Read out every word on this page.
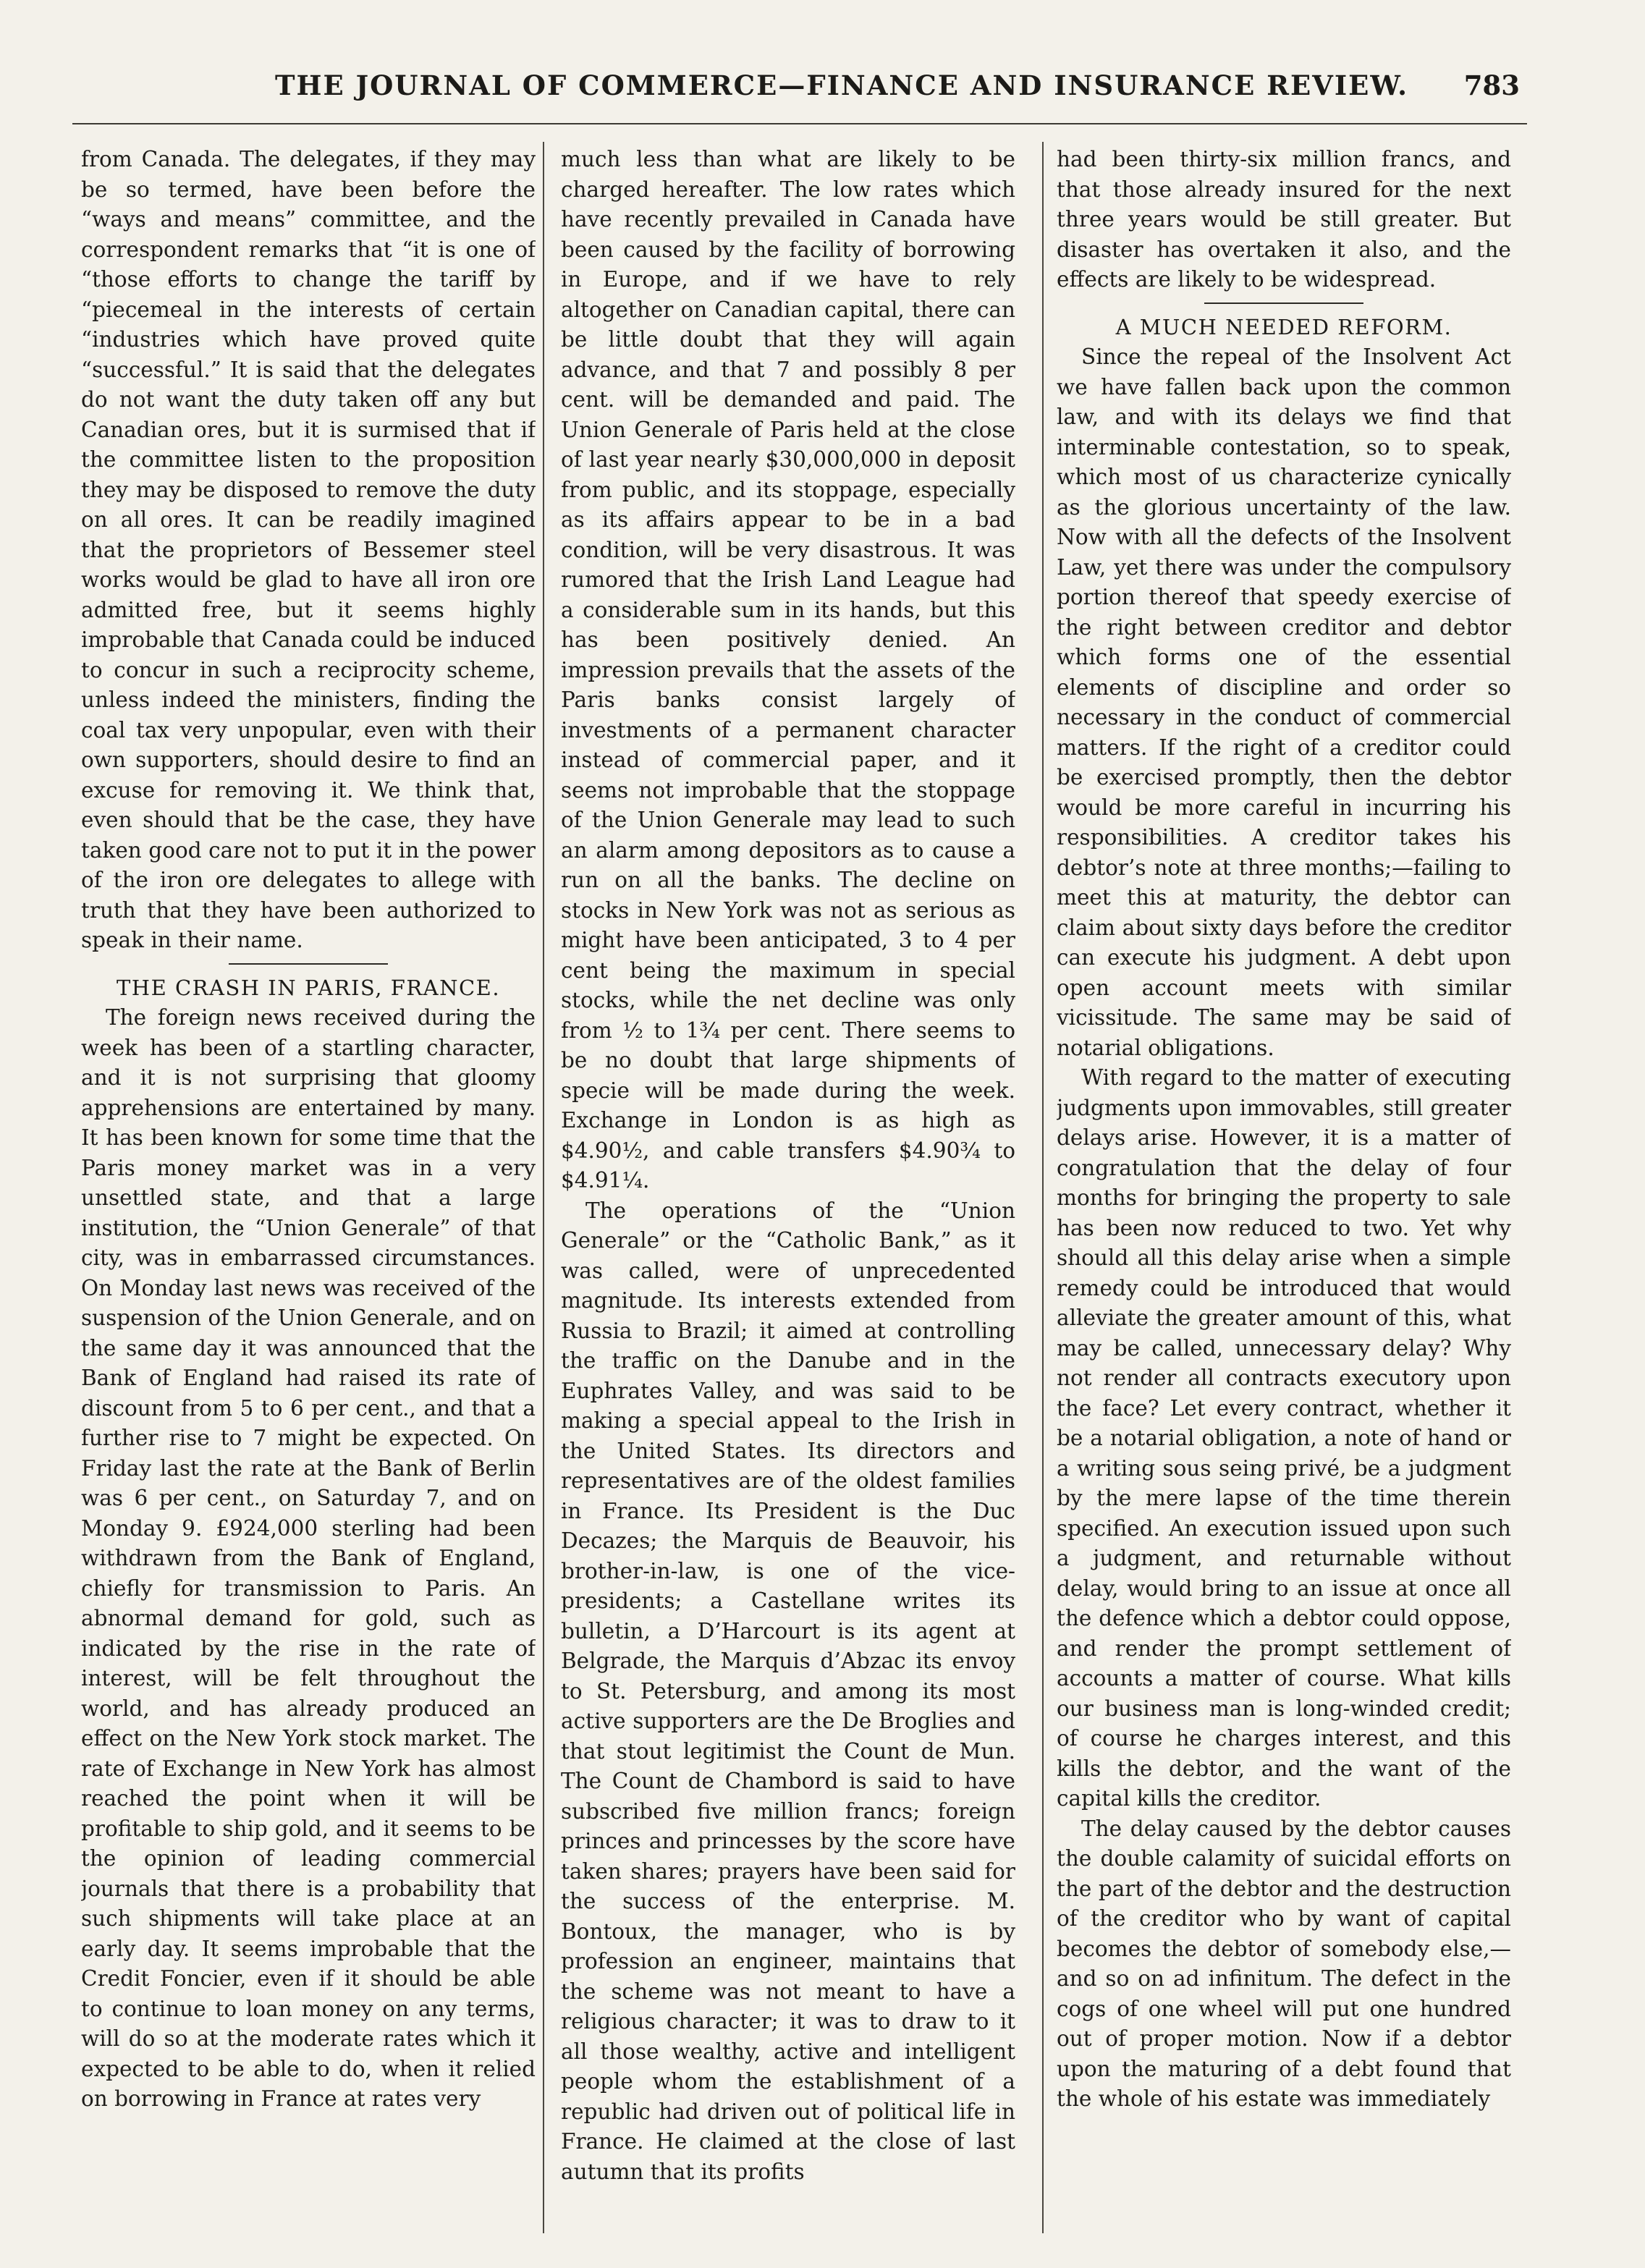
THE JOURNAL OF COMMERCE—FINANCE AND INSURANCE REVIEW.	783

from Canada. The delegates, if they may be so termed, have been before the “ways and means” committee, and the correspondent remarks that “it is one of “those efforts to change the tariff by “piecemeal in the interests of certain “industries which have proved quite “successful.” It is said that the delegates do not want the duty taken off any but Canadian ores, but it is surmised that if the committee listen to the proposition they may be disposed to remove the duty on all ores. It can be readily imagined that the proprietors of Bessemer steel works would be glad to have all iron ore admitted free, but it seems highly improbable that Canada could be induced to concur in such a reciprocity scheme, unless indeed the ministers, finding the coal tax very unpopular, even with their own supporters, should desire to find an excuse for removing it. We think that, even should that be the case, they have taken good care not to put it in the power of the iron ore delegates to allege with truth that they have been authorized to speak in their name.

THE CRASH IN PARIS, FRANCE.

The foreign news received during the week has been of a startling character, and it is not surprising that gloomy apprehensions are entertained by many. It has been known for some time that the Paris money market was in a very unsettled state, and that a large institution, the “Union Generale” of that city, was in embarrassed circumstances. On Monday last news was received of the suspension of the Union Generale, and on the same day it was announced that the Bank of England had raised its rate of discount from 5 to 6 per cent., and that a further rise to 7 might be expected. On Friday last the rate at the Bank of Berlin was 6 per cent., on Saturday 7, and on Monday 9. £924,000 sterling had been withdrawn from the Bank of England, chiefly for transmission to Paris. An abnormal demand for gold, such as indicated by the rise in the rate of interest, will be felt throughout the world, and has already produced an effect on the New York stock market. The rate of Exchange in New York has almost reached the point when it will be profitable to ship gold, and it seems to be the opinion of leading commercial journals that there is a probability that such shipments will take place at an early day. It seems improbable that the Credit Foncier, even if it should be able to continue to loan money on any terms, will do so at the moderate rates which it expected to be able to do, when it relied on borrowing in France at rates very

much less than what are likely to be charged hereafter. The low rates which have recently prevailed in Canada have been caused by the facility of borrowing in Europe, and if we have to rely altogether on Canadian capital, there can be little doubt that they will again advance, and that 7 and possibly 8 per cent. will be demanded and paid. The Union Generale of Paris held at the close of last year nearly $30,000,000 in deposit from public, and its stoppage, especially as its affairs appear to be in a bad condition, will be very disastrous. It was rumored that the Irish Land League had a considerable sum in its hands, but this has been positively denied. An impression prevails that the assets of the Paris banks consist largely of investments of a permanent character instead of commercial paper, and it seems not improbable that the stoppage of the Union Generale may lead to such an alarm among depositors as to cause a run on all the banks. The decline on stocks in New York was not as serious as might have been anticipated, 3 to 4 per cent being the maximum in special stocks, while the net decline was only from ½ to 1¾ per cent. There seems to be no doubt that large shipments of specie will be made during the week. Exchange in London is as high as $4.90½, and cable transfers $4.90¾ to $4.91¼.

The operations of the “Union Generale” or the “Catholic Bank,” as it was called, were of unprecedented magnitude. Its interests extended from Russia to Brazil; it aimed at controlling the traffic on the Danube and in the Euphrates Valley, and was said to be making a special appeal to the Irish in the United States. Its directors and representatives are of the oldest families in France. Its President is the Duc Decazes; the Marquis de Beauvoir, his brother-in-law, is one of the vice-presidents; a Castellane writes its bulletin, a D’Harcourt is its agent at Belgrade, the Marquis d’Abzac its envoy to St. Petersburg, and among its most active supporters are the De Broglies and that stout legitimist the Count de Mun. The Count de Chambord is said to have subscribed five million francs; foreign princes and princesses by the score have taken shares; prayers have been said for the success of the enterprise. M. Bontoux, the manager, who is by profession an engineer, maintains that the scheme was not meant to have a religious character; it was to draw to it all those wealthy, active and intelligent people whom the establishment of a republic had driven out of political life in France. He claimed at the close of last autumn that its profits

had been thirty-six million francs, and that those already insured for the next three years would be still greater. But disaster has overtaken it also, and the effects are likely to be widespread.

A MUCH NEEDED REFORM.

Since the repeal of the Insolvent Act we have fallen back upon the common law, and with its delays we find that interminable contestation, so to speak, which most of us characterize cynically as the glorious uncertainty of the law. Now with all the defects of the Insolvent Law, yet there was under the compulsory portion thereof that speedy exercise of the right between creditor and debtor which forms one of the essential elements of discipline and order so necessary in the conduct of commercial matters. If the right of a creditor could be exercised promptly, then the debtor would be more careful in incurring his responsibilities. A creditor takes his debtor’s note at three months;—failing to meet this at maturity, the debtor can claim about sixty days before the creditor can execute his judgment. A debt upon open account meets with similar vicissitude. The same may be said of notarial obligations.

With regard to the matter of executing judgments upon immovables, still greater delays arise. However, it is a matter of congratulation that the delay of four months for bringing the property to sale has been now reduced to two. Yet why should all this delay arise when a simple remedy could be introduced that would alleviate the greater amount of this, what may be called, unnecessary delay? Why not render all contracts executory upon the face? Let every contract, whether it be a notarial obligation, a note of hand or a writing sous seing privé, be a judgment by the mere lapse of the time therein specified. An execution issued upon such a judgment, and returnable without delay, would bring to an issue at once all the defence which a debtor could oppose, and render the prompt settlement of accounts a matter of course. What kills our business man is long-winded credit; of course he charges interest, and this kills the debtor, and the want of the capital kills the creditor.

The delay caused by the debtor causes the double calamity of suicidal efforts on the part of the debtor and the destruction of the creditor who by want of capital becomes the debtor of somebody else,—and so on ad infinitum. The defect in the cogs of one wheel will put one hundred out of proper motion. Now if a debtor upon the maturing of a debt found that the whole of his estate was immediately
